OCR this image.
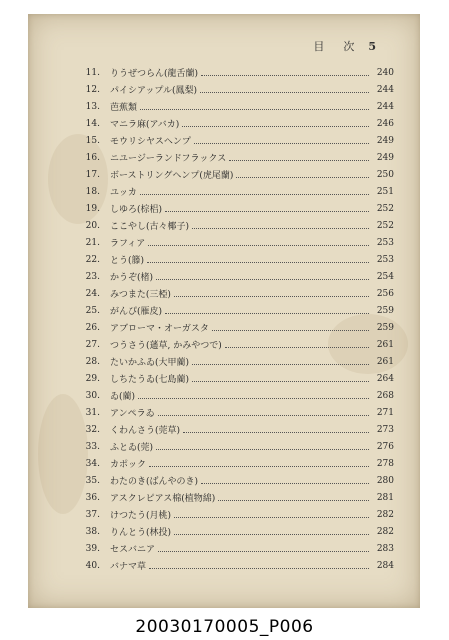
目　次 5
11. りうぜつらん(龍舌蘭)	240
12. パイシアップル(鳳梨)	244
13. 芭蕉類	244
14. マニラ麻(アバカ)	246
15. モウリシヤスヘンプ	249
16. ニユージーランドフラックス	249
17. ボーストリングヘンプ(虎尾蘭)	250
18. ユッカ	251
19. しゆろ(棕梠)	252
20. ここやし(古々椰子)	252
21. ラフィア	253
22. とう(籐)	253
23. かうぞ(楮)	254
24. みつまた(三椏)	256
25. がんぴ(雁皮)	259
26. アブローマ・オーガスタ	259
27. つうさう(蓪草, かみやつで)	261
28. たいかふゐ(大甲藺)	261
29. しちたうゐ(七島藺)	264
30. ゐ(藺)	268
31. アンペラゐ	271
32. くわんさう(莞草)	273
33. ふとゐ(莞)	276
34. カポック	278
35. わたのき(ばんやのき)	280
36. アスクレピアス棉(植物綿)	281
37. けつたう(月桃)	282
38. りんとう(林投)	282
39. セスバニア	283
40. バナマ草	284
20030170005_P006
